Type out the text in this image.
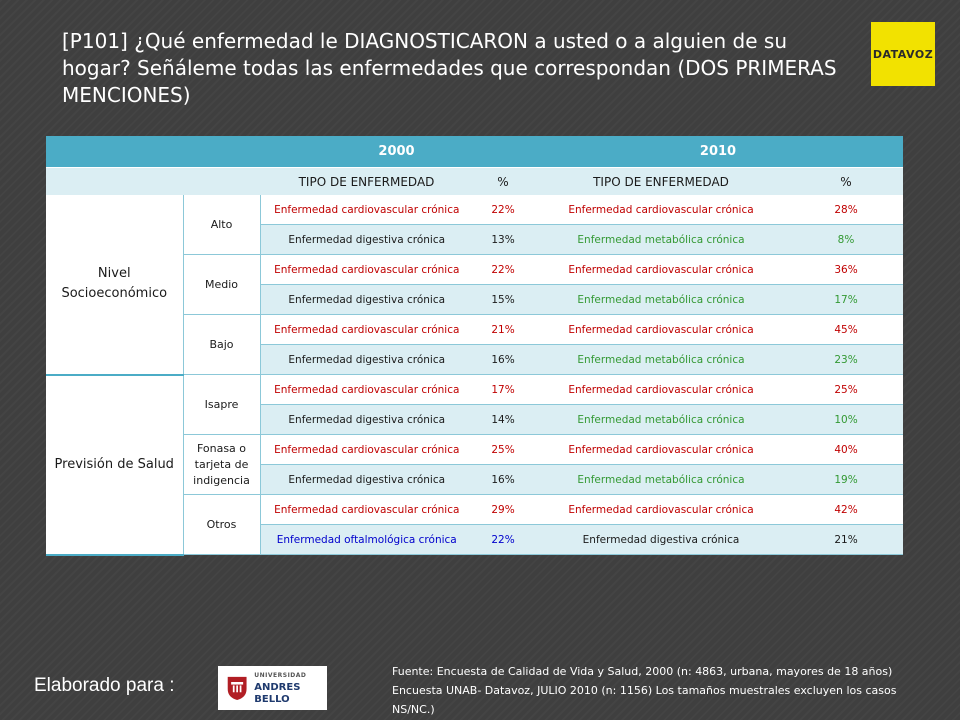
[P101] ¿Qué enfermedad le DIAGNOSTICARON a usted o a alguien de su hogar? Señáleme todas las enfermedades que correspondan (DOS PRIMERAS MENCIONES)
DATAVOZ
		2000		2010	
		TIPO DE ENFERMEDAD	%	TIPO DE ENFERMEDAD	%
Nivel Socioeconómico	Alto	Enfermedad cardiovascular crónica	22%	Enfermedad cardiovascular crónica	28%
		Enfermedad digestiva crónica	13%	Enfermedad metabólica crónica	8%
	Medio	Enfermedad cardiovascular crónica	22%	Enfermedad cardiovascular crónica	36%
		Enfermedad digestiva crónica	15%	Enfermedad metabólica crónica	17%
	Bajo	Enfermedad cardiovascular crónica	21%	Enfermedad cardiovascular crónica	45%
		Enfermedad digestiva crónica	16%	Enfermedad metabólica crónica	23%
Previsión de Salud	Isapre	Enfermedad cardiovascular crónica	17%	Enfermedad cardiovascular crónica	25%
		Enfermedad digestiva crónica	14%	Enfermedad metabólica crónica	10%
	Fonasa o tarjeta de indigencia	Enfermedad cardiovascular crónica	25%	Enfermedad cardiovascular crónica	40%
		Enfermedad digestiva crónica	16%	Enfermedad metabólica crónica	19%
	Otros	Enfermedad cardiovascular crónica	29%	Enfermedad cardiovascular crónica	42%
		Enfermedad oftalmológica crónica	22%	Enfermedad digestiva crónica	21%
Elaborado para :	UNIVERSIDAD
ANDRES BELLO
Fuente: Encuesta de Calidad de Vida y Salud, 2000 (n: 4863, urbana, mayores de 18 años) Encuesta UNAB- Datavoz, JULIO 2010 (n: 1156) Los tamaños muestrales excluyen los casos NS/NC.)
